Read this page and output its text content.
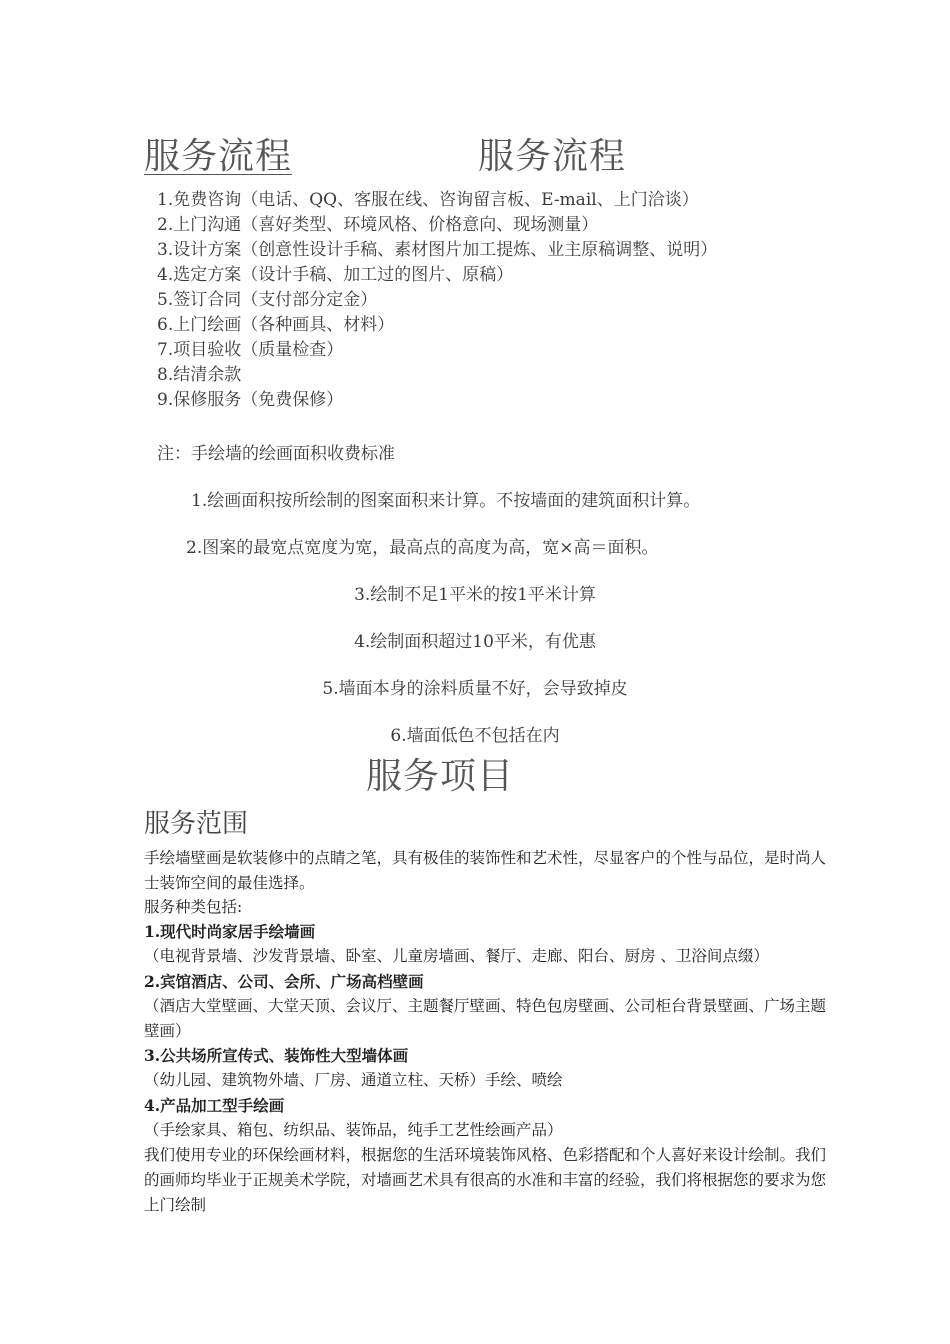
服务流程	服务流程
1.免费咨询（电话、QQ、客服在线、咨询留言板、E-mail、上门洽谈）
2.上门沟通（喜好类型、环境风格、价格意向、现场测量）
3.设计方案（创意性设计手稿、素材图片加工提炼、业主原稿调整、说明）
4.选定方案（设计手稿、加工过的图片、原稿）
5.签订合同（支付部分定金）
6.上门绘画（各种画具、材料）
7.项目验收（质量检查）
8.结清余款
9.保修服务（免费保修）
注：手绘墙的绘画面积收费标准
1.绘画面积按所绘制的图案面积来计算。不按墙面的建筑面积计算。
2.图案的最宽点宽度为宽，最高点的高度为高，宽×高＝面积。
3.绘制不足1平米的按1平米计算
4.绘制面积超过10平米，有优惠
5.墙面本身的涂料质量不好，会导致掉皮
6.墙面低色不包括在内
服务项目
服务范围
手绘墙壁画是软装修中的点睛之笔，具有极佳的装饰性和艺术性，尽显客户的个性与品位，是时尚人士装饰空间的最佳选择。
服务种类包括:
1.现代时尚家居手绘墙画
（电视背景墙、沙发背景墙、卧室、儿童房墙画、餐厅、走廊、阳台、厨房 、卫浴间点缀）
2.宾馆酒店、公司、会所、广场高档壁画
（酒店大堂壁画、大堂天顶、会议厅、主题餐厅壁画、特色包房壁画、公司柜台背景壁画、广场主题壁画）
3.公共场所宣传式、装饰性大型墙体画
（幼儿园、建筑物外墙、厂房、通道立柱、天桥）手绘、喷绘
4.产品加工型手绘画
（手绘家具、箱包、纺织品、装饰品，纯手工艺性绘画产品）
我们使用专业的环保绘画材料，根据您的生活环境装饰风格、色彩搭配和个人喜好来设计绘制。我们的画师均毕业于正规美术学院，对墙画艺术具有很高的水准和丰富的经验，我们将根据您的要求为您上门绘制
